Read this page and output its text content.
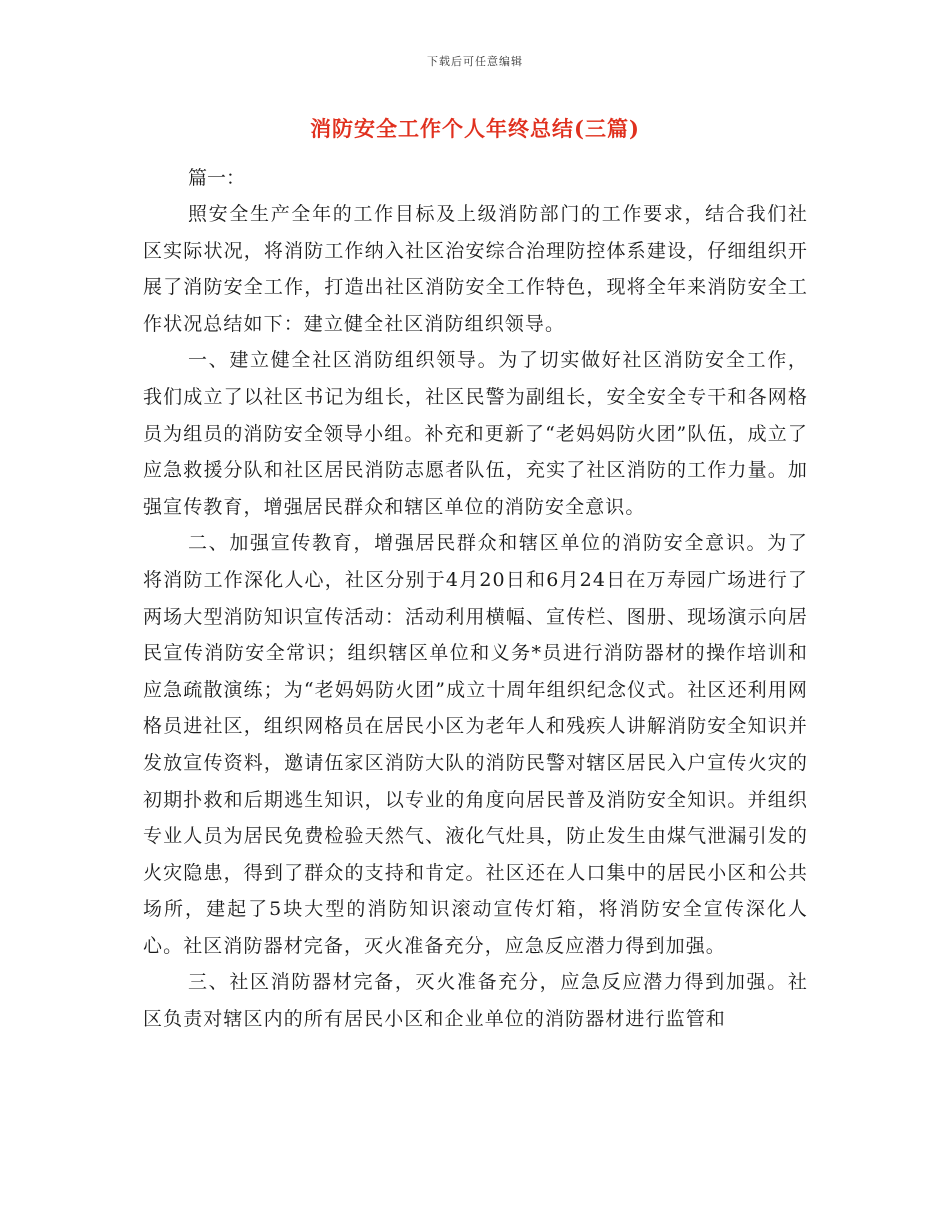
下载后可任意编辑
消防安全工作个人年终总结(三篇)
篇一：

照安全生产全年的工作目标及上级消防部门的工作要求，结合我们社区实际状况，将消防工作纳入社区治安综合治理防控体系建设，仔细组织开展了消防安全工作，打造出社区消防安全工作特色，现将全年来消防安全工作状况总结如下：建立健全社区消防组织领导。

一、建立健全社区消防组织领导。为了切实做好社区消防安全工作，我们成立了以社区书记为组长，社区民警为副组长，安全安全专干和各网格员为组员的消防安全领导小组。补充和更新了“老妈妈防火团”队伍，成立了应急救援分队和社区居民消防志愿者队伍，充实了社区消防的工作力量。加强宣传教育，增强居民群众和辖区单位的消防安全意识。

二、加强宣传教育，增强居民群众和辖区单位的消防安全意识。为了将消防工作深化人心，社区分别于4月20日和6月24日在万寿园广场进行了两场大型消防知识宣传活动：活动利用横幅、宣传栏、图册、现场演示向居民宣传消防安全常识；组织辖区单位和义务*员进行消防器材的操作培训和应急疏散演练；为“老妈妈防火团”成立十周年组织纪念仪式。社区还利用网格员进社区，组织网格员在居民小区为老年人和残疾人讲解消防安全知识并发放宣传资料，邀请伍家区消防大队的消防民警对辖区居民入户宣传火灾的初期扑救和后期逃生知识，以专业的角度向居民普及消防安全知识。并组织专业人员为居民免费检验天然气、液化气灶具，防止发生由煤气泄漏引发的火灾隐患，得到了群众的支持和肯定。社区还在人口集中的居民小区和公共场所，建起了5块大型的消防知识滚动宣传灯箱，将消防安全宣传深化人心。社区消防器材完备，灭火准备充分，应急反应潜力得到加强。

三、社区消防器材完备，灭火准备充分，应急反应潜力得到加强。社区负责对辖区内的所有居民小区和企业单位的消防器材进行监管和
